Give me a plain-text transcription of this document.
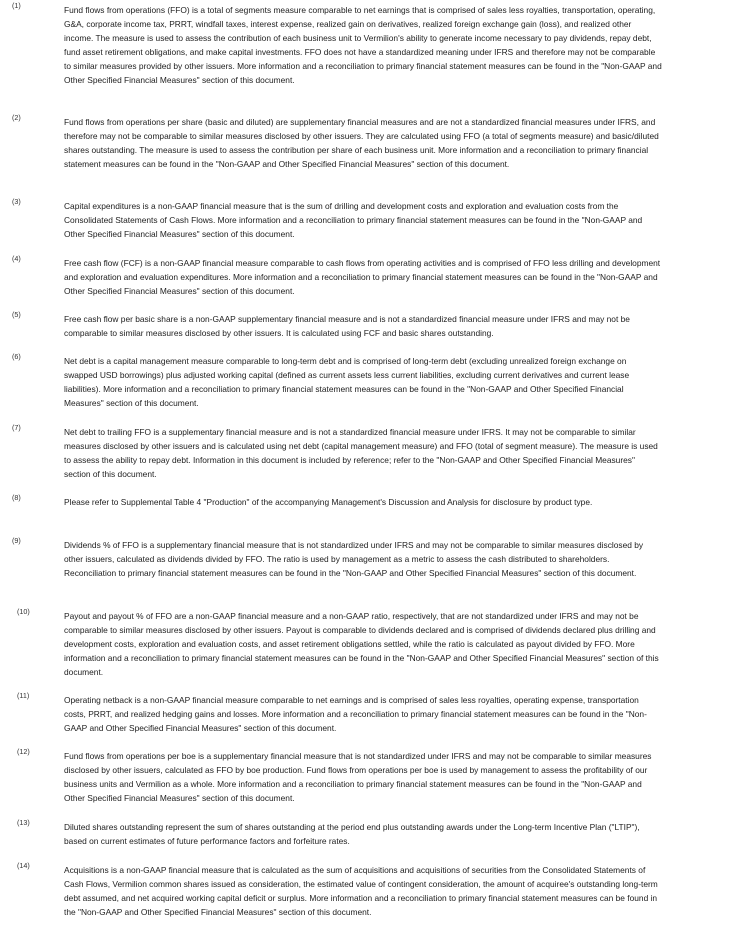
(1)	Fund flows from operations (FFO) is a total of segments measure comparable to net earnings that is comprised of sales less royalties, transportation, operating, G&A, corporate income tax, PRRT, windfall taxes, interest expense, realized gain on derivatives, realized foreign exchange gain (loss), and realized other income. The measure is used to assess the contribution of each business unit to Vermilion's ability to generate income necessary to pay dividends, repay debt, fund asset retirement obligations, and make capital investments. FFO does not have a standardized meaning under IFRS and therefore may not be comparable to similar measures provided by other issuers. More information and a reconciliation to primary financial statement measures can be found in the "Non-GAAP and Other Specified Financial Measures" section of this document.

(2)	Fund flows from operations per share (basic and diluted) are supplementary financial measures and are not a standardized financial measures under IFRS, and therefore may not be comparable to similar measures disclosed by other issuers. They are calculated using FFO (a total of segments measure) and basic/diluted shares outstanding. The measure is used to assess the contribution per share of each business unit. More information and a reconciliation to primary financial statement measures can be found in the "Non-GAAP and Other Specified Financial Measures" section of this document.

(3)	Capital expenditures is a non-GAAP financial measure that is the sum of drilling and development costs and exploration and evaluation costs from the Consolidated Statements of Cash Flows. More information and a reconciliation to primary financial statement measures can be found in the "Non-GAAP and Other Specified Financial Measures" section of this document.

(4)	Free cash flow (FCF) is a non-GAAP financial measure comparable to cash flows from operating activities and is comprised of FFO less drilling and development and exploration and evaluation expenditures. More information and a reconciliation to primary financial statement measures can be found in the "Non-GAAP and Other Specified Financial Measures" section of this document.

(5)	Free cash flow per basic share is a non-GAAP supplementary financial measure and is not a standardized financial measure under IFRS and may not be comparable to similar measures disclosed by other issuers. It is calculated using FCF and basic shares outstanding.

(6)	Net debt is a capital management measure comparable to long-term debt and is comprised of long-term debt (excluding unrealized foreign exchange on swapped USD borrowings) plus adjusted working capital (defined as current assets less current liabilities, excluding current derivatives and current lease liabilities). More information and a reconciliation to primary financial statement measures can be found in the "Non-GAAP and Other Specified Financial Measures" section of this document.

(7)	Net debt to trailing FFO is a supplementary financial measure and is not a standardized financial measure under IFRS. It may not be comparable to similar measures disclosed by other issuers and is calculated using net debt (capital management measure) and FFO (total of segment measure). The measure is used to assess the ability to repay debt. Information in this document is included by reference; refer to the "Non-GAAP and Other Specified Financial Measures" section of this document.

(8)	Please refer to Supplemental Table 4 "Production" of the accompanying Management's Discussion and Analysis for disclosure by product type.

(9)	Dividends % of FFO is a supplementary financial measure that is not standardized under IFRS and may not be comparable to similar measures disclosed by other issuers, calculated as dividends divided by FFO. The ratio is used by management as a metric to assess the cash distributed to shareholders. Reconciliation to primary financial statement measures can be found in the "Non-GAAP and Other Specified Financial Measures" section of this document.

(10)	Payout and payout % of FFO are a non-GAAP financial measure and a non-GAAP ratio, respectively, that are not standardized under IFRS and may not be comparable to similar measures disclosed by other issuers. Payout is comparable to dividends declared and is comprised of dividends declared plus drilling and development costs, exploration and evaluation costs, and asset retirement obligations settled, while the ratio is calculated as payout divided by FFO. More information and a reconciliation to primary financial statement measures can be found in the "Non-GAAP and Other Specified Financial Measures" section of this document.

(11)	Operating netback is a non-GAAP financial measure comparable to net earnings and is comprised of sales less royalties, operating expense, transportation costs, PRRT, and realized hedging gains and losses. More information and a reconciliation to primary financial statement measures can be found in the "Non-GAAP and Other Specified Financial Measures" section of this document.

(12)	Fund flows from operations per boe is a supplementary financial measure that is not standardized under IFRS and may not be comparable to similar measures disclosed by other issuers, calculated as FFO by boe production. Fund flows from operations per boe is used by management to assess the profitability of our business units and Vermilion as a whole. More information and a reconciliation to primary financial statement measures can be found in the "Non-GAAP and Other Specified Financial Measures" section of this document.

(13)	Diluted shares outstanding represent the sum of shares outstanding at the period end plus outstanding awards under the Long-term Incentive Plan ("LTIP"), based on current estimates of future performance factors and forfeiture rates.

(14)	Acquisitions is a non-GAAP financial measure that is calculated as the sum of acquisitions and acquisitions of securities from the Consolidated Statements of Cash Flows, Vermilion common shares issued as consideration, the estimated value of contingent consideration, the amount of acquiree's outstanding long-term debt assumed, and net acquired working capital deficit or surplus. More information and a reconciliation to primary financial statement measures can be found in the "Non-GAAP and Other Specified Financial Measures" section of this document.
